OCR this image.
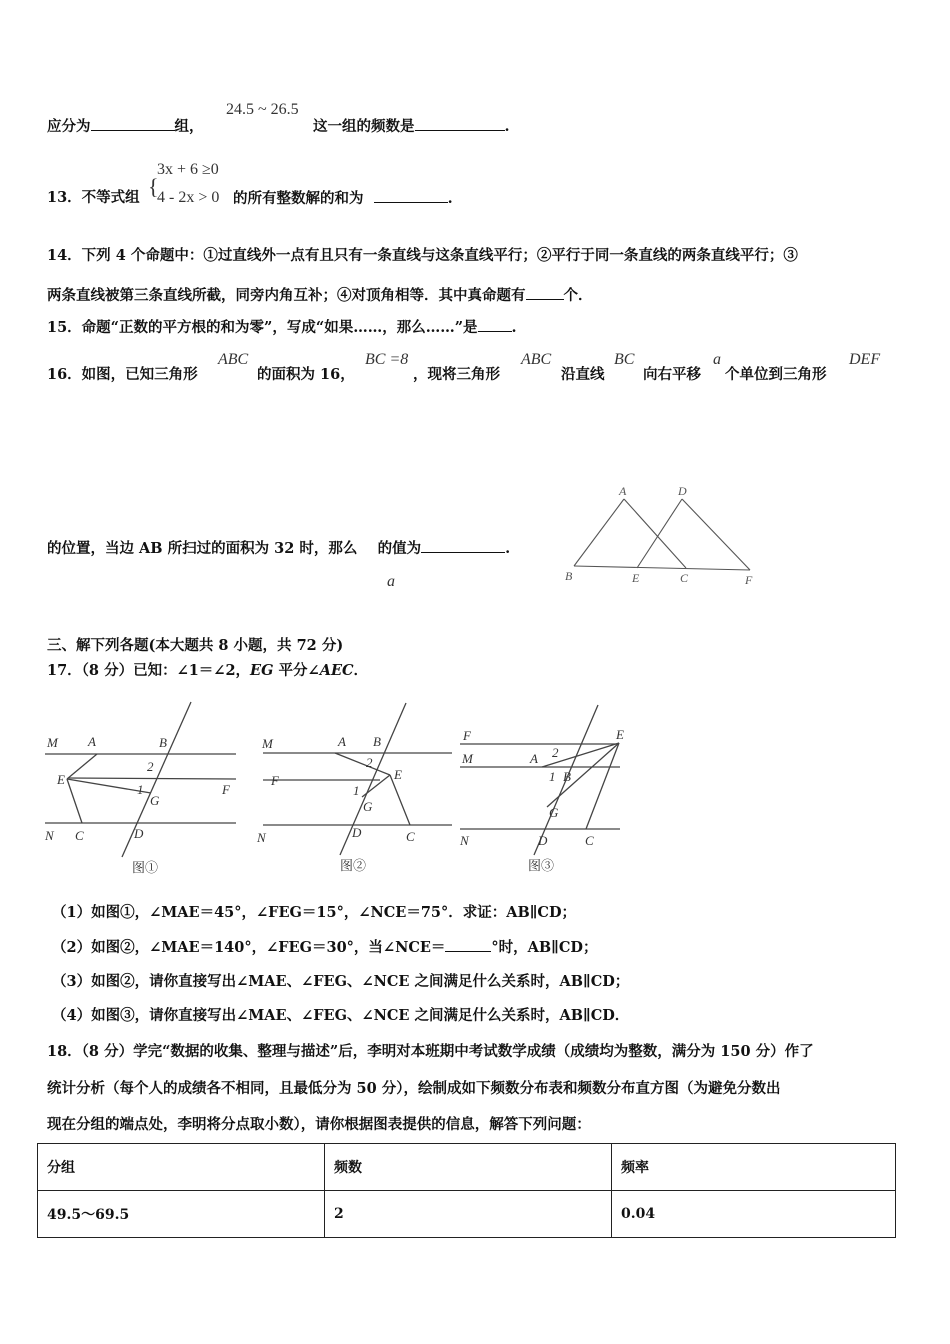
应分为	组，
24.5 ~ 26.5
这一组的频数是	.
13．不等式组 {
3x + 6 ≥0
4 - 2x > 0 的所有整数解的和为	.
14．下列 4 个命题中：①过直线外一点有且只有一条直线与这条直线平行；②平行于同一条直线的两条直线平行；③
两条直线被第三条直线所截，同旁内角互补；④对顶角相等．其中真命题有	个．
15．命题“正数的平方根的和为零”，写成“如果……，那么……”是 .
16．如图，已知三角形
ABC
的面积为 16，
BC =8
，现将三角形
ABC
沿直线
BC
向右平移
a
个单位到三角形
DEF
的位置，当边 AB 所扫过的面积为 32 时，那么 的值为	.
a
A	D
B	E	C	F
三、解下列各题(本大题共 8 小题，共 72 分)
17．（8 分）已知：∠1＝∠2，EG 平分∠AEC．
M A	B
2
E
1
G
F
N C	D
M	A B
2
E
F
1
G
N	D	C
F	E
M	A 2
1 B
G
N	D	C
图①	图②	图③
（1）如图①，∠MAE＝45°，∠FEG＝15°，∠NCE＝75°．求证：AB∥CD；
（2）如图②，∠MAE＝140°，∠FEG＝30°，当∠NCE＝	°时，AB∥CD；
（3）如图②，请你直接写出∠MAE、∠FEG、∠NCE 之间满足什么关系时，AB∥CD；
（4）如图③，请你直接写出∠MAE、∠FEG、∠NCE 之间满足什么关系时，AB∥CD．
18．（8 分）学完“数据的收集、整理与描述”后，李明对本班期中考试数学成绩（成绩均为整数，满分为 150 分）作了
统计分析（每个人的成绩各不相同，且最低分为 50 分），绘制成如下频数分布表和频数分布直方图（为避免分数出
现在分组的端点处，李明将分点取小数），请你根据图表提供的信息，解答下列问题：
分组	频数	频率
49.5～69.5	2	0.04
